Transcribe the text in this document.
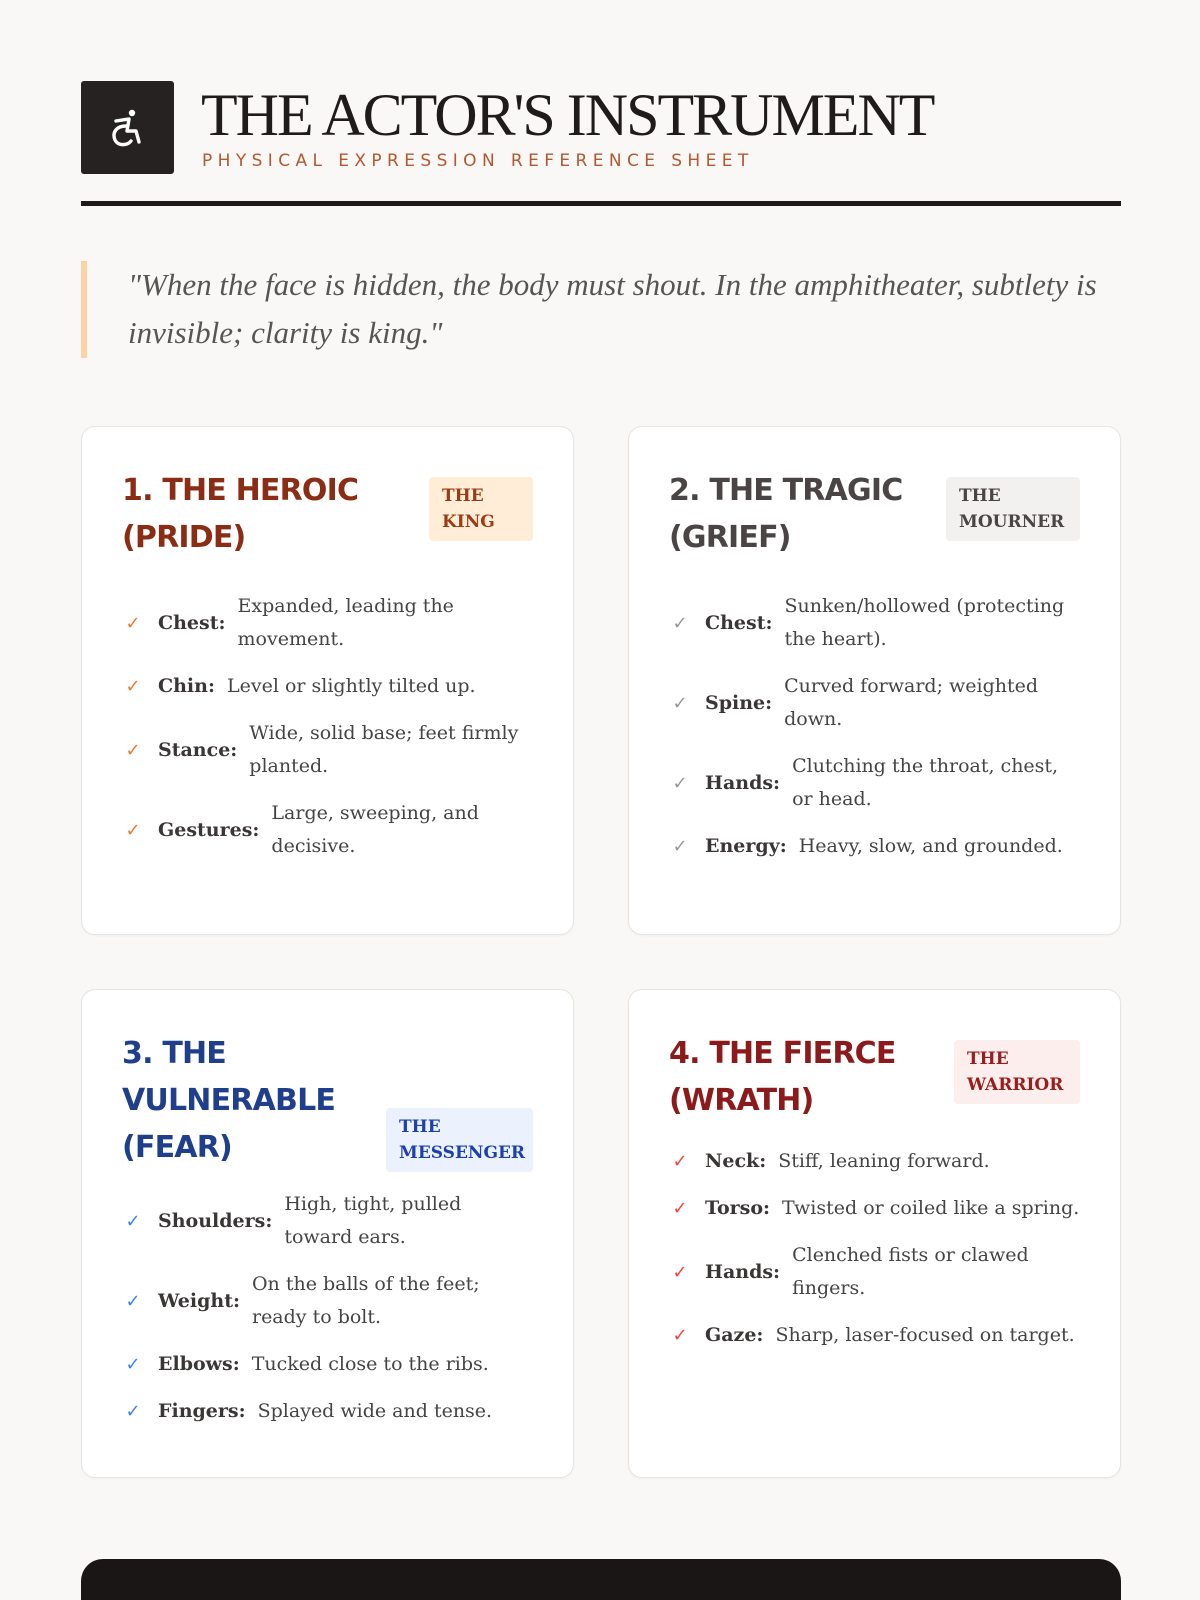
THE ACTOR'S INSTRUMENT
PHYSICAL EXPRESSION REFERENCE SHEET
"When the face is hidden, the body must shout. In the amphitheater, subtlety is invisible; clarity is king."
1. THE HEROIC (PRIDE)
THE KING
✓ Chest:
Expanded, leading the movement.
✓ Chin: Level or slightly tilted up.
✓ Stance:
Wide, solid base; feet firmly planted.
✓ Gestures:
Large, sweeping, and decisive.
2. THE TRAGIC (GRIEF)
THE MOURNER
✓ Chest:
Sunken/hollowed (protecting the heart).
✓ Spine:
Curved forward; weighted down.
✓ Hands:
Clutching the throat, chest, or head.
✓ Energy: Heavy, slow, and grounded.
3. THE VULNERABLE (FEAR)
THE MESSENGER
✓ Shoulders:
High, tight, pulled toward ears.
✓ Weight:
On the balls of the feet; ready to bolt.
✓ Elbows: Tucked close to the ribs.
✓ Fingers: Splayed wide and tense.
4. THE FIERCE (WRATH)
THE WARRIOR
✓ Neck: Stiff, leaning forward.
✓ Torso: Twisted or coiled like a spring.
✓ Hands:
Clenched fists or clawed fingers.
✓ Gaze: Sharp, laser-focused on target.
